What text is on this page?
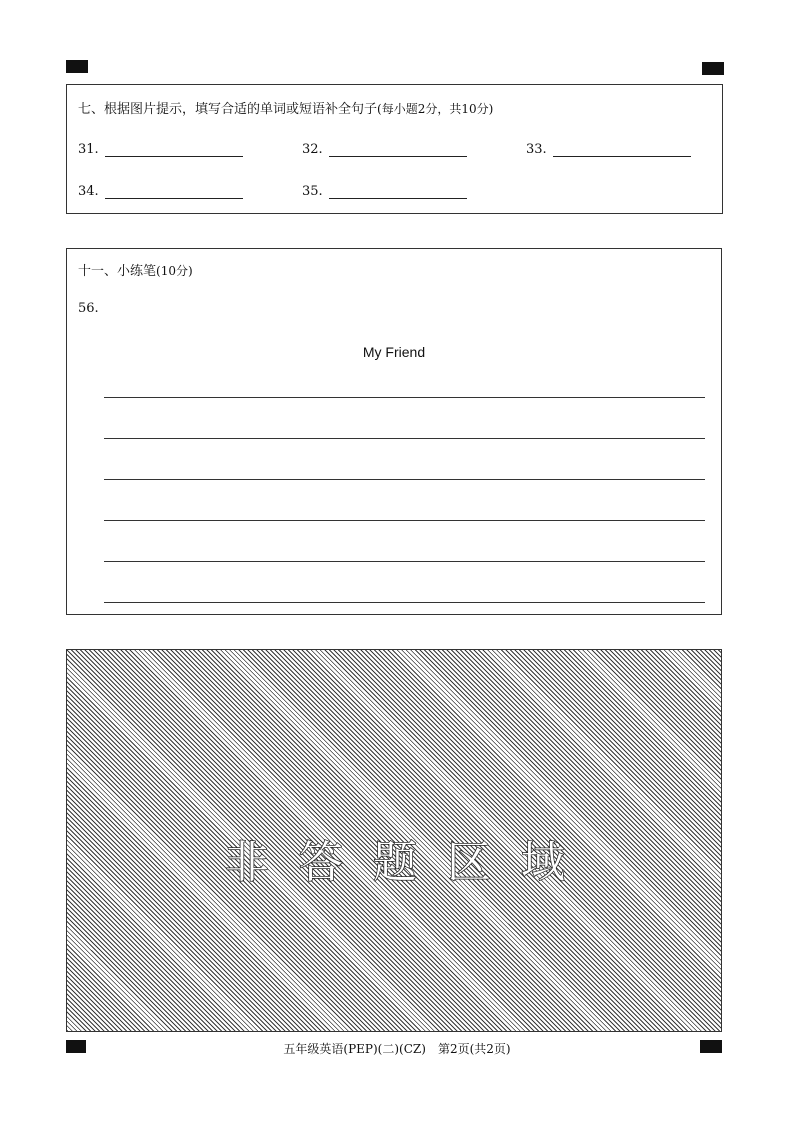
七、根据图片提示，填写合适的单词或短语补全句子(每小题2分，共10分)
31.	32.	33.
34.	35.
十一、小练笔(10分)
56.
My Friend
非 答 题 区 域
五年级英语(PEP)(二)(CZ) 第2页(共2页)
